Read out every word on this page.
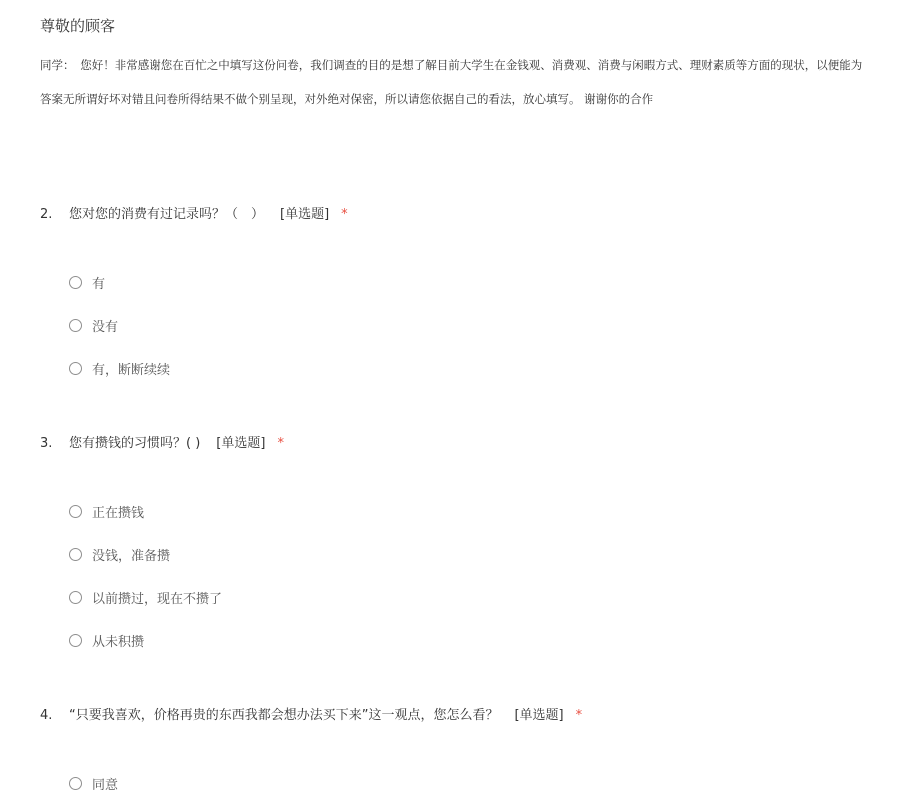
尊敬的顾客
同学：　您好！非常感谢您在百忙之中填写这份问卷，我们调查的目的是想了解目前大学生在金钱观、消费观、消费与闲暇方式、理财素质等方面的现状，以便能为
答案无所谓好坏对错且问卷所得结果不做个别呈现，对外绝对保密，所以请您依据自己的看法，放心填写。 谢谢你的合作
2. 您对您的消费有过记录吗？（　） [单选题] *
有
没有
有，断断续续
3. 您有攒钱的习惯吗？( ) [单选题] *
正在攒钱
没钱，准备攒
以前攒过，现在不攒了
从未积攒
4. “只要我喜欢，价格再贵的东西我都会想办法买下来”这一观点，您怎么看？ [单选题] *
同意
